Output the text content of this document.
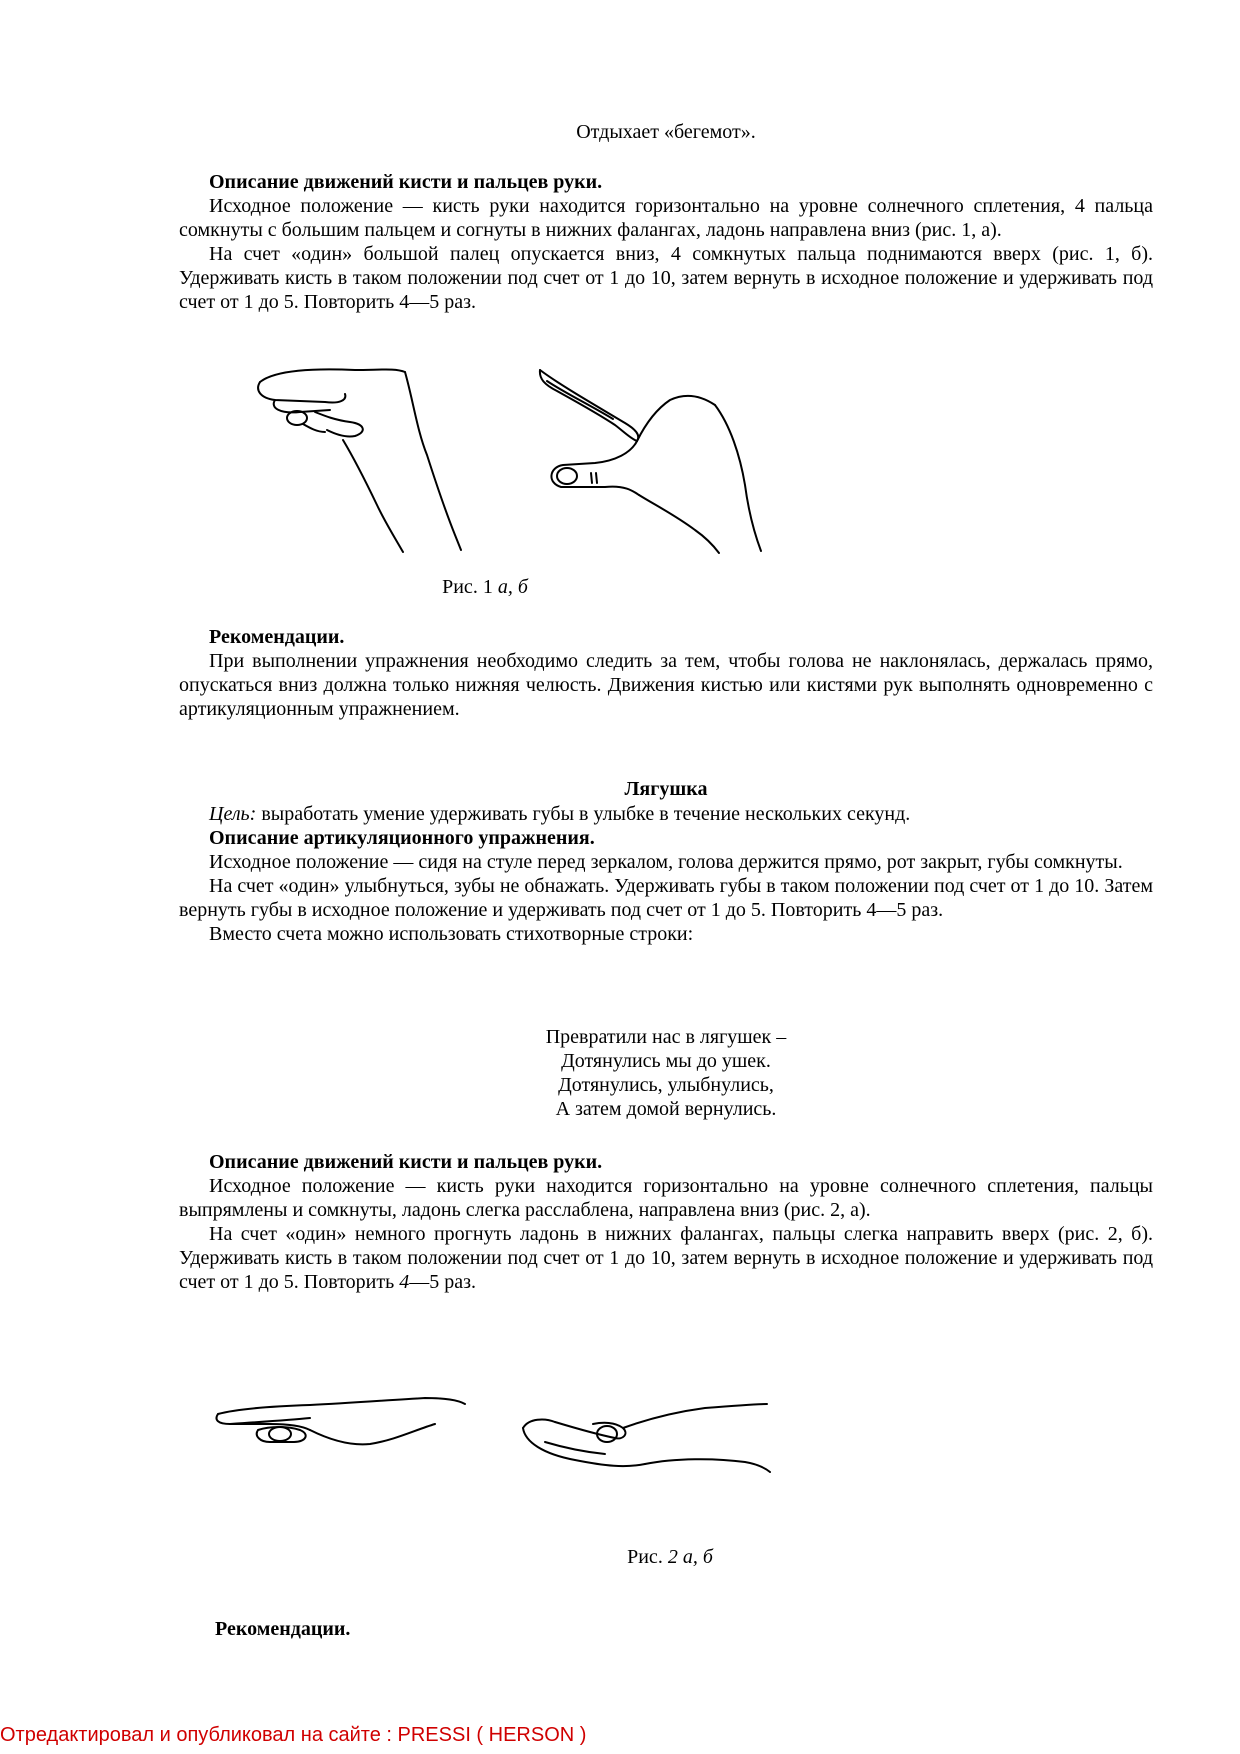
Отдыхает «бегемот».

Описание движений кисти и пальцев руки.

Исходное положение — кисть руки находится горизонтально на уровне солнечного сплетения, 4 пальца сомкнуты с большим пальцем и согнуты в нижних фалангах, ладонь направлена вниз (рис. 1, а).

На счет «один» большой палец опускается вниз, 4 сомкнутых пальца поднимаются вверх (рис. 1, б). Удерживать кисть в таком положении под счет от 1 до 10, затем вернуть в исходное положение и удерживать под счет от 1 до 5. Повторить 4—5 раз.

Рис. 1 а, б

Рекомендации.

При выполнении упражнения необходимо следить за тем, чтобы голова не наклонялась, держалась прямо, опускаться вниз должна только нижняя челюсть. Движения кистью или кистями рук выполнять одновременно с артикуляционным упражнением.

Лягушка

Цель: выработать умение удерживать губы в улыбке в течение нескольких секунд.

Описание артикуляционного упражнения.

Исходное положение — сидя на стуле перед зеркалом, голова держится прямо, рот закрыт, губы сомкнуты.

На счет «один» улыбнуться, зубы не обнажать. Удерживать губы в таком положении под счет от 1 до 10. Затем вернуть губы в исходное положение и удерживать под счет от 1 до 5. Повторить 4—5 раз.

Вместо счета можно использовать стихотворные строки:

Превратили нас в лягушек –

Дотянулись мы до ушек.

Дотянулись, улыбнулись,

А затем домой вернулись.

Описание движений кисти и пальцев руки.

Исходное положение — кисть руки находится горизонтально на уровне солнечного сплетения, пальцы выпрямлены и сомкнуты, ладонь слегка расслаблена, направлена вниз (рис. 2, а).

На счет «один» немного прогнуть ладонь в нижних фалангах, пальцы слегка направить вверх (рис. 2, б). Удерживать кисть в таком положении под счет от 1 до 10, затем вернуть в исходное положение и удерживать под счет от 1 до 5. Повторить 4—5 раз.

Рис. 2 а, б

Рекомендации.

Отредактировал и опубликовал на сайте : PRESSI ( HERSON )
